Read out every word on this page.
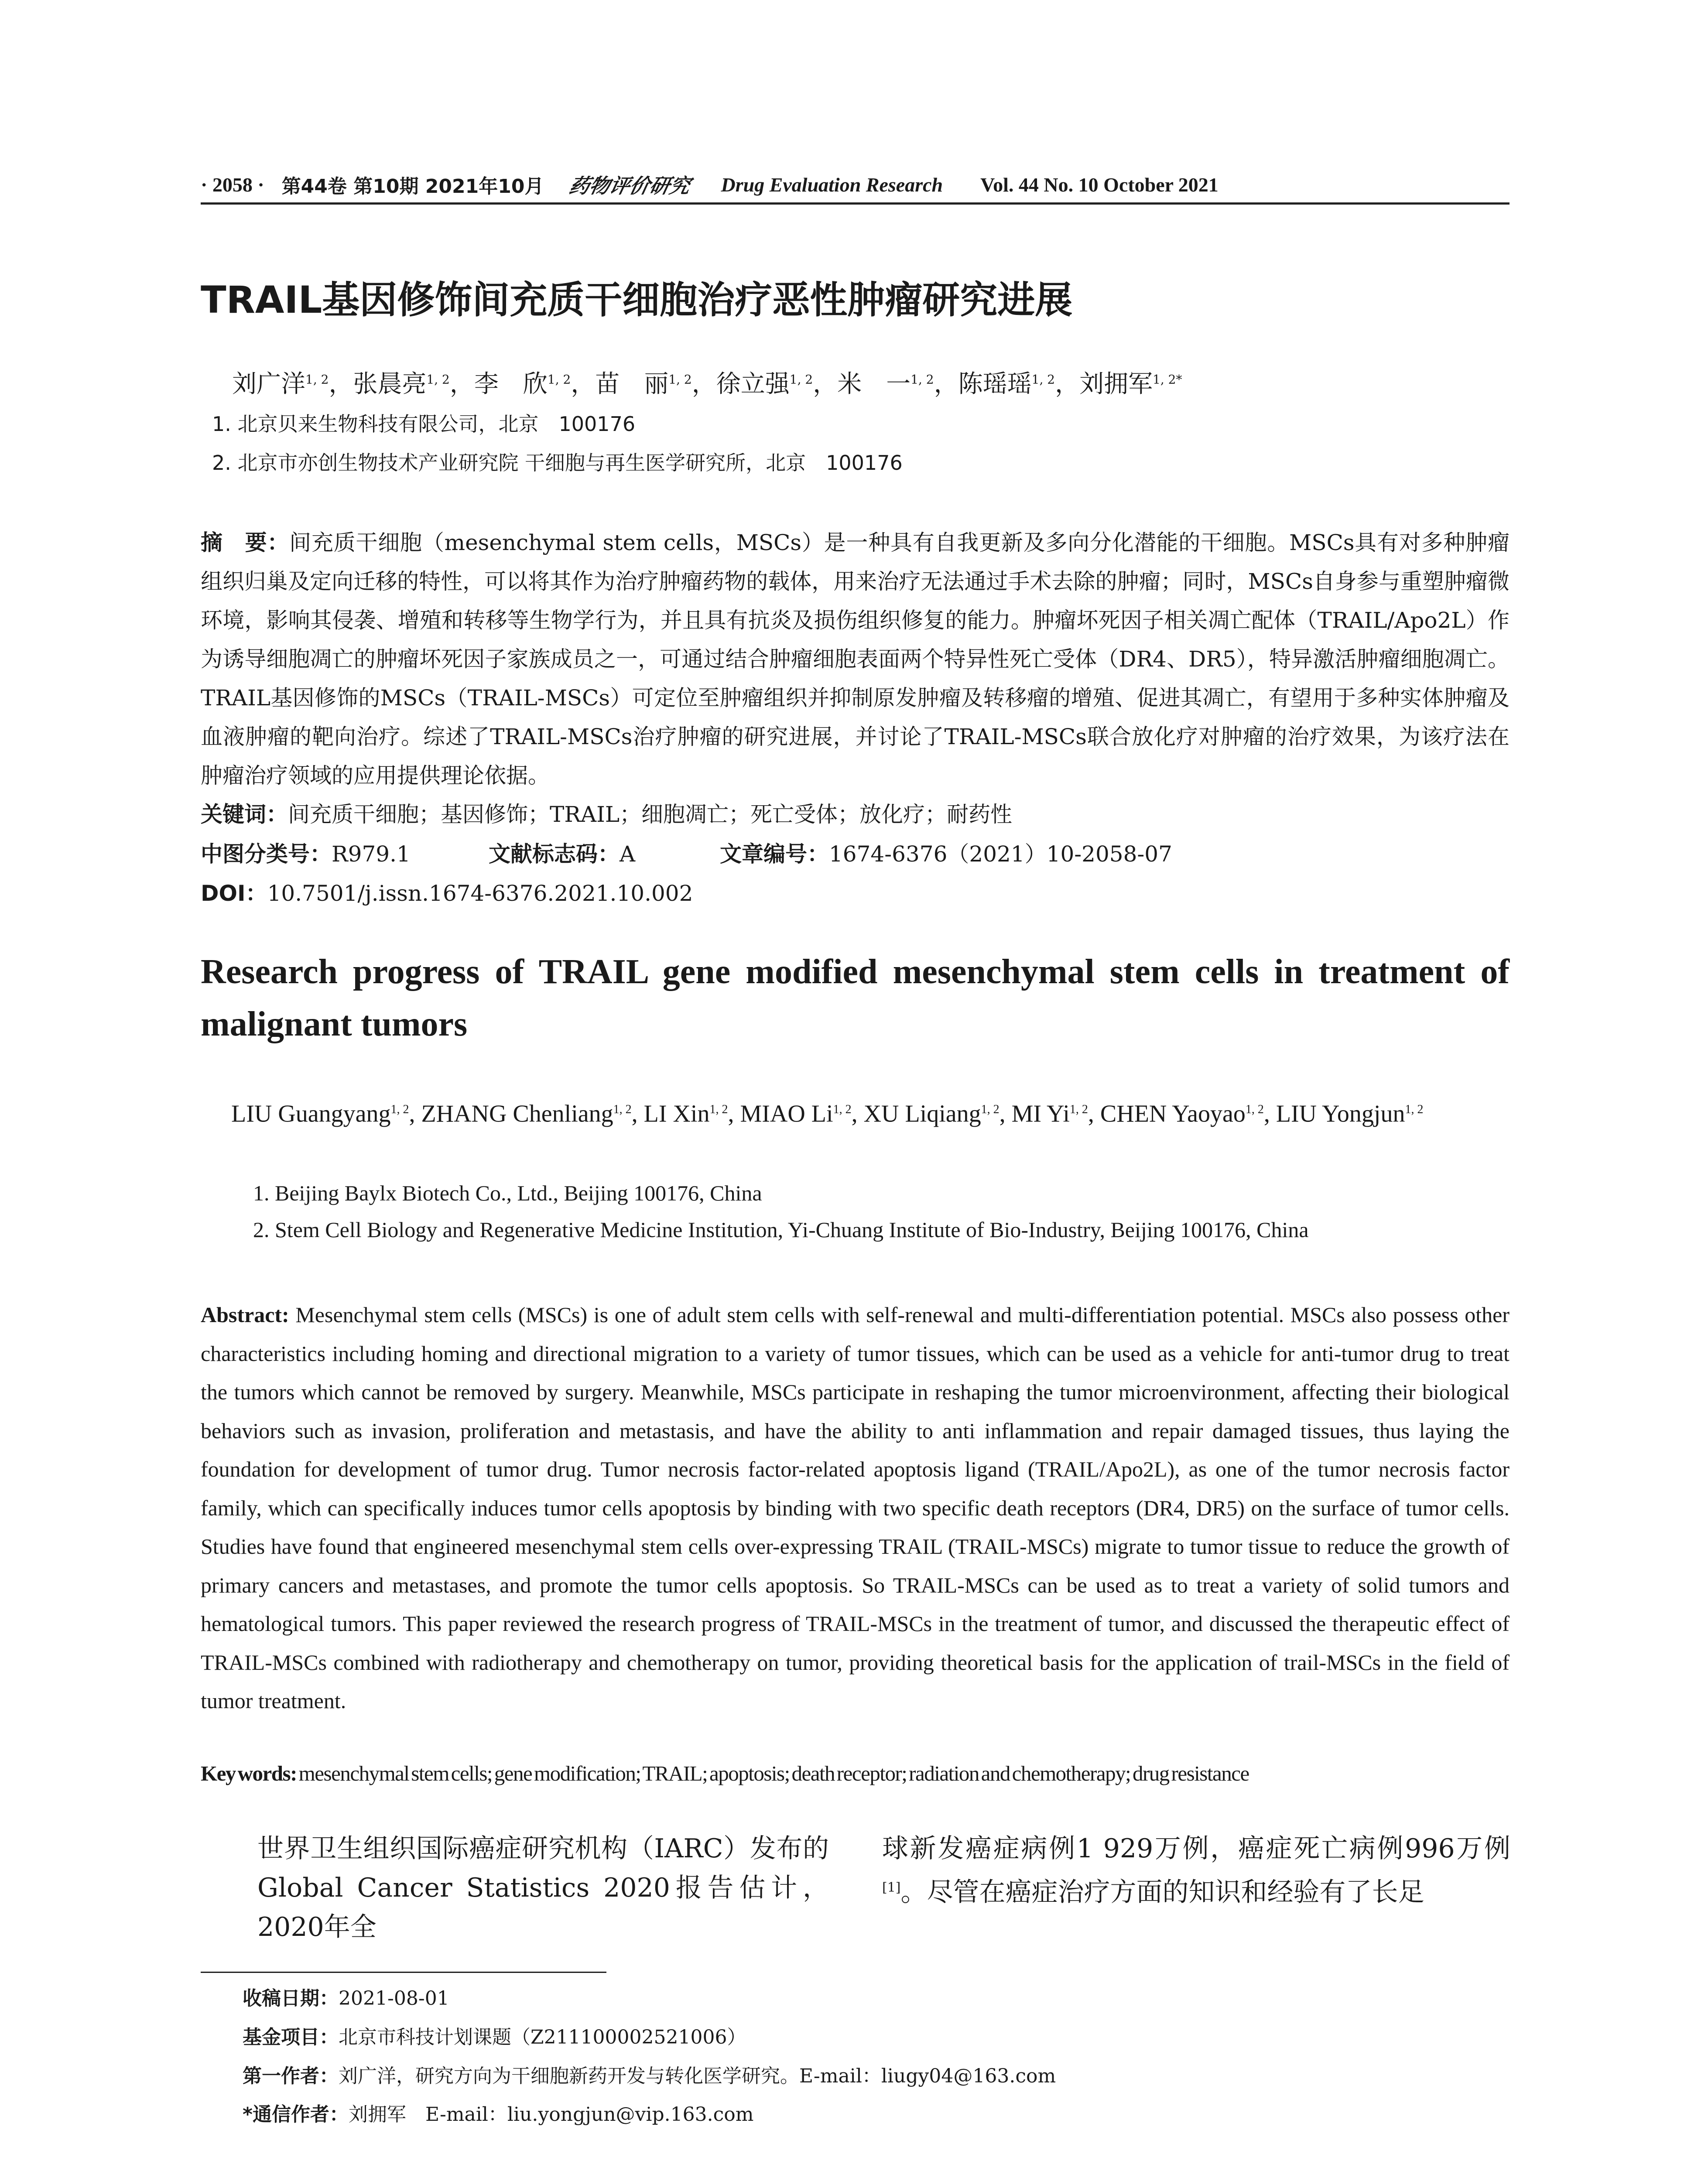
· 2058 · 第44卷 第10期 2021年10月 药物评价研究 Drug Evaluation Research Vol. 44 No. 10 October 2021
TRAIL基因修饰间充质干细胞治疗恶性肿瘤研究进展
刘广洋$^{1, 2}$，张晨亮$^{1, 2}$，李　欣$^{1, 2}$，苗　丽$^{1, 2}$，徐立强$^{1, 2}$，米　一$^{1, 2}$，陈瑶瑶$^{1, 2}$，刘拥军$^{1, 2*}$
1. 北京贝来生物科技有限公司，北京　100176
2. 北京市亦创生物技术产业研究院 干细胞与再生医学研究所，北京　100176
摘　要：间充质干细胞（mesenchymal stem cells，MSCs）是一种具有自我更新及多向分化潜能的干细胞。MSCs具有对多种肿瘤组织归巢及定向迁移的特性，可以将其作为治疗肿瘤药物的载体，用来治疗无法通过手术去除的肿瘤；同时，MSCs自身参与重塑肿瘤微环境，影响其侵袭、增殖和转移等生物学行为，并且具有抗炎及损伤组织修复的能力。肿瘤坏死因子相关凋亡配体（TRAIL/Apo2L）作为诱导细胞凋亡的肿瘤坏死因子家族成员之一，可通过结合肿瘤细胞表面两个特异性死亡受体（DR4、DR5），特异激活肿瘤细胞凋亡。TRAIL基因修饰的MSCs（TRAIL-MSCs）可定位至肿瘤组织并抑制原发肿瘤及转移瘤的增殖、促进其凋亡，有望用于多种实体肿瘤及血液肿瘤的靶向治疗。综述了TRAIL-MSCs治疗肿瘤的研究进展，并讨论了TRAIL-MSCs联合放化疗对肿瘤的治疗效果，为该疗法在肿瘤治疗领域的应用提供理论依据。
关键词：间充质干细胞；基因修饰；TRAIL；细胞凋亡；死亡受体；放化疗；耐药性
中图分类号：R979.1	文献标志码：A	文章编号：1674-6376（2021）10-2058-07
DOI：10.7501/j.issn.1674-6376.2021.10.002
Research progress of TRAIL gene modified mesenchymal stem cells in treatment of malignant tumors
LIU Guangyang$^{1, 2}$, ZHANG Chenliang$^{1, 2}$, LI Xin$^{1, 2}$, MIAO Li$^{1, 2}$, XU Liqiang$^{1, 2}$, MI Yi$^{1, 2}$, CHEN Yaoyao$^{1, 2}$, LIU Yongjun$^{1, 2}$
1. Beijing Baylx Biotech Co., Ltd., Beijing 100176, China
2. Stem Cell Biology and Regenerative Medicine Institution, Yi-Chuang Institute of Bio-Industry, Beijing 100176, China
Abstract: Mesenchymal stem cells (MSCs) is one of adult stem cells with self-renewal and multi-differentiation potential. MSCs also possess other characteristics including homing and directional migration to a variety of tumor tissues, which can be used as a vehicle for anti-tumor drug to treat the tumors which cannot be removed by surgery. Meanwhile, MSCs participate in reshaping the tumor microenvironment, affecting their biological behaviors such as invasion, proliferation and metastasis, and have the ability to anti inflammation and repair damaged tissues, thus laying the foundation for development of tumor drug. Tumor necrosis factor-related apoptosis ligand (TRAIL/Apo2L), as one of the tumor necrosis factor family, which can specifically induces tumor cells apoptosis by binding with two specific death receptors (DR4, DR5) on the surface of tumor cells. Studies have found that engineered mesenchymal stem cells over-expressing TRAIL (TRAIL-MSCs) migrate to tumor tissue to reduce the growth of primary cancers and metastases, and promote the tumor cells apoptosis. So TRAIL-MSCs can be used as to treat a variety of solid tumors and hematological tumors. This paper reviewed the research progress of TRAIL-MSCs in the treatment of tumor, and discussed the therapeutic effect of TRAIL-MSCs combined with radiotherapy and chemotherapy on tumor, providing theoretical basis for the application of trail-MSCs in the field of tumor treatment.
Key words: mesenchymal stem cells; gene modification; TRAIL; apoptosis; death receptor; radiation and chemotherapy; drug resistance
世界卫生组织国际癌症研究机构（IARC）发布的Global Cancer Statistics 2020报告估计，2020年全
球新发癌症病例1 929万例，癌症死亡病例996万例[1]。尽管在癌症治疗方面的知识和经验有了长足
收稿日期：2021-08-01
基金项目：北京市科技计划课题（Z211100002521006）
第一作者：刘广洋，研究方向为干细胞新药开发与转化医学研究。E-mail：liugy04@163.com
*通信作者：刘拥军　E-mail：liu.yongjun@vip.163.com
